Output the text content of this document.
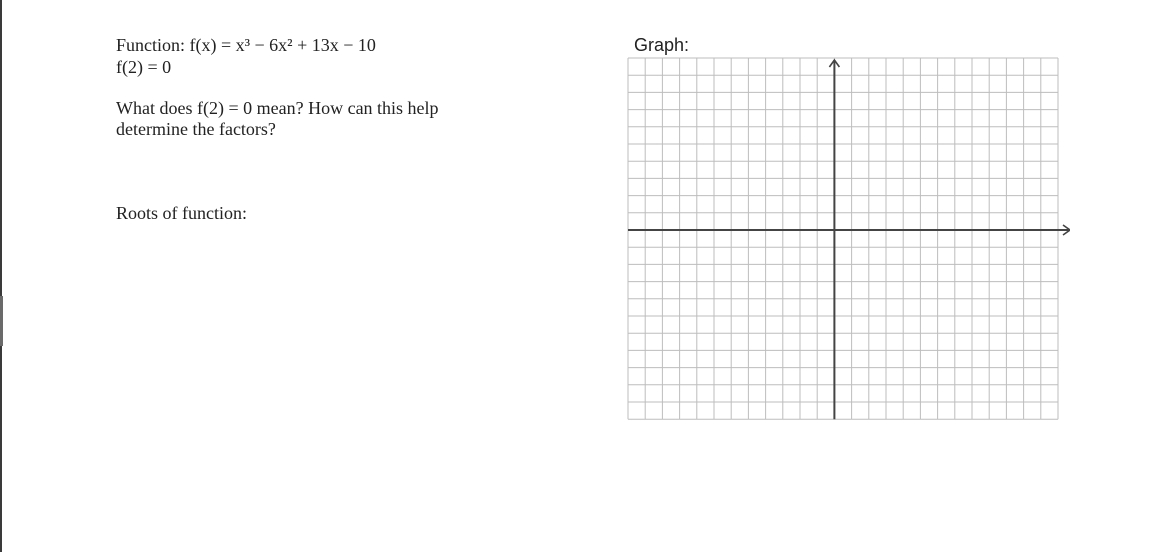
Function: f(x) = x³ − 6x² + 13x − 10
f(2) = 0
What does f(2) = 0 mean? How can this help
determine the factors?
Roots of function:
Graph:
